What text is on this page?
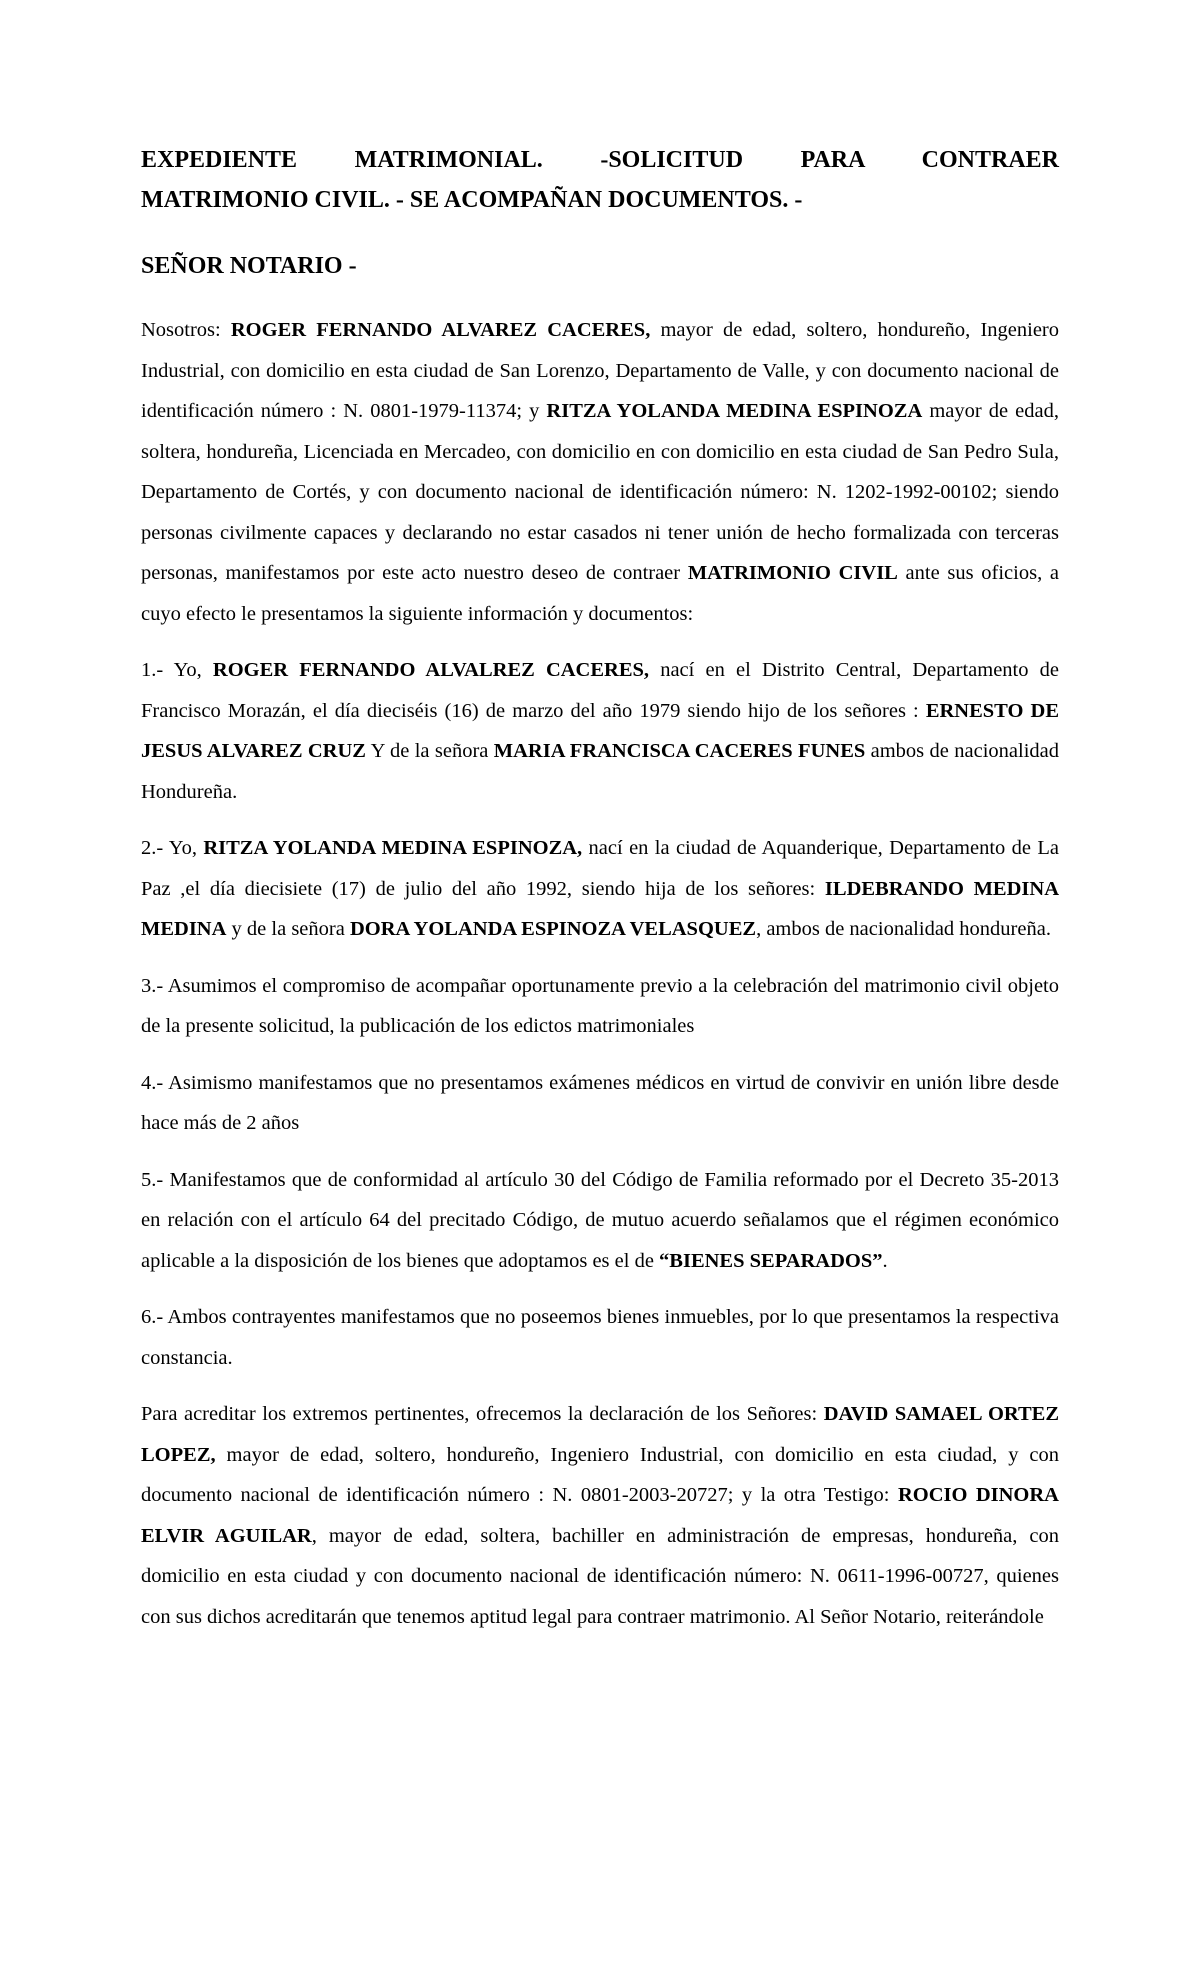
EXPEDIENTE MATRIMONIAL. -SOLICITUD PARA CONTRAER
MATRIMONIO CIVIL. - SE ACOMPAÑAN DOCUMENTOS. -
SEÑOR NOTARIO -

Nosotros: ROGER FERNANDO ALVAREZ CACERES, mayor de edad, soltero, hondureño, Ingeniero Industrial, con domicilio en esta ciudad de San Lorenzo, Departamento de Valle, y con documento nacional de identificación número : N. 0801-1979-11374; y RITZA YOLANDA MEDINA ESPINOZA mayor de edad, soltera, hondureña, Licenciada en Mercadeo, con domicilio en con domicilio en esta ciudad de San Pedro Sula, Departamento de Cortés, y con documento nacional de identificación número: N. 1202-1992-00102; siendo personas civilmente capaces y declarando no estar casados ni tener unión de hecho formalizada con terceras personas, manifestamos por este acto nuestro deseo de contraer MATRIMONIO CIVIL ante sus oficios, a cuyo efecto le presentamos la siguiente información y documentos:

1.- Yo, ROGER FERNANDO ALVALREZ CACERES, nací en el Distrito Central, Departamento de Francisco Morazán, el día dieciséis (16) de marzo del año 1979 siendo hijo de los señores : ERNESTO DE JESUS ALVAREZ CRUZ Y de la señora MARIA FRANCISCA CACERES FUNES ambos de nacionalidad Hondureña.

2.- Yo, RITZA YOLANDA MEDINA ESPINOZA, nací en la ciudad de Aquanderique, Departamento de La Paz ,el día diecisiete (17) de julio del año 1992, siendo hija de los señores: ILDEBRANDO MEDINA MEDINA y de la señora DORA YOLANDA ESPINOZA VELASQUEZ, ambos de nacionalidad hondureña.

3.- Asumimos el compromiso de acompañar oportunamente previo a la celebración del matrimonio civil objeto de la presente solicitud, la publicación de los edictos matrimoniales

4.- Asimismo manifestamos que no presentamos exámenes médicos en virtud de convivir en unión libre desde hace más de 2 años

5.- Manifestamos que de conformidad al artículo 30 del Código de Familia reformado por el Decreto 35-2013 en relación con el artículo 64 del precitado Código, de mutuo acuerdo señalamos que el régimen económico aplicable a la disposición de los bienes que adoptamos es el de “BIENES SEPARADOS”.

6.- Ambos contrayentes manifestamos que no poseemos bienes inmuebles, por lo que presentamos la respectiva constancia.

Para acreditar los extremos pertinentes, ofrecemos la declaración de los Señores: DAVID SAMAEL ORTEZ LOPEZ, mayor de edad, soltero, hondureño, Ingeniero Industrial, con domicilio en esta ciudad, y con documento nacional de identificación número : N. 0801-2003-20727; y la otra Testigo: ROCIO DINORA ELVIR AGUILAR, mayor de edad, soltera, bachiller en administración de empresas, hondureña, con domicilio en esta ciudad y con documento nacional de identificación número: N. 0611-1996-00727, quienes con sus dichos acreditarán que tenemos aptitud legal para contraer matrimonio. Al Señor Notario, reiterándole
